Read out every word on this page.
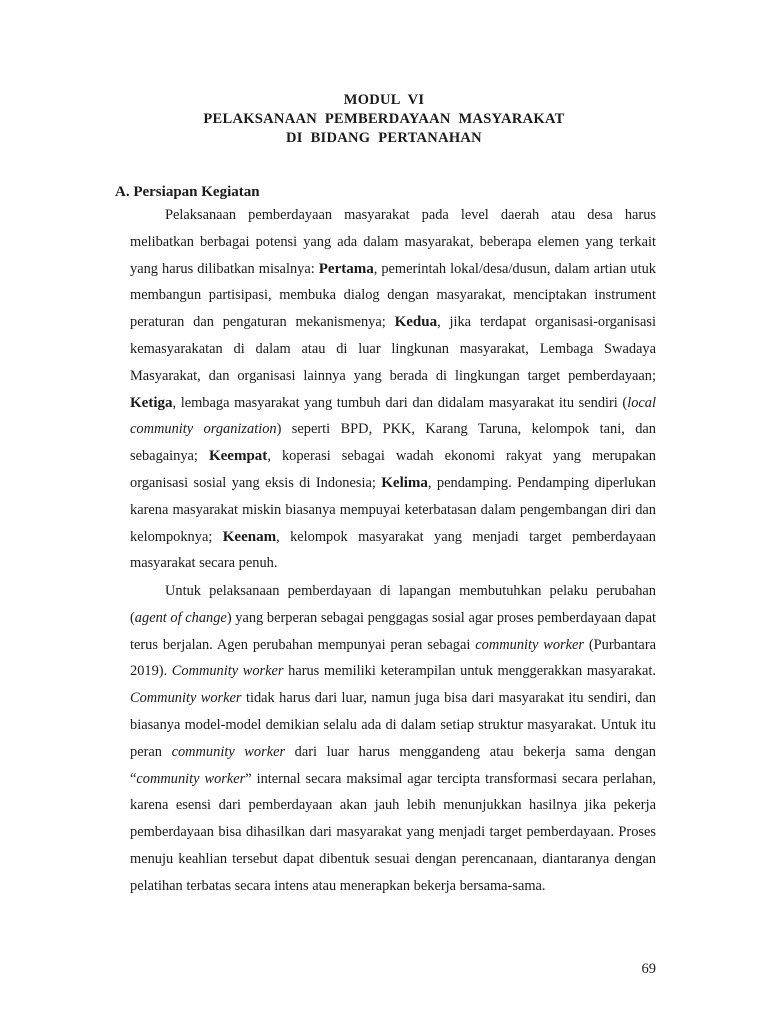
MODUL  VI
PELAKSANAAN  PEMBERDAYAAN  MASYARAKAT
DI  BIDANG  PERTANAHAN
A. Persiapan Kegiatan

Pelaksanaan pemberdayaan masyarakat pada level daerah atau desa harus melibatkan berbagai potensi yang ada dalam masyarakat, beberapa elemen yang terkait yang harus dilibatkan misalnya: Pertama, pemerintah lokal/desa/dusun, dalam artian utuk membangun partisipasi, membuka dialog dengan masyarakat, menciptakan instrument peraturan dan pengaturan mekanismenya; Kedua, jika terdapat organisasi-organisasi kemasyarakatan di dalam atau di luar lingkunan masyarakat, Lembaga Swadaya Masyarakat, dan organisasi lainnya yang berada di lingkungan target pemberdayaan; Ketiga, lembaga masyarakat yang tumbuh dari dan didalam masyarakat itu sendiri (local community organization) seperti BPD, PKK, Karang Taruna, kelompok tani, dan sebagainya; Keempat, koperasi sebagai wadah ekonomi rakyat yang merupakan organisasi sosial yang eksis di Indonesia; Kelima, pendamping. Pendamping diperlukan karena masyarakat miskin biasanya mempuyai keterbatasan dalam pengembangan diri dan kelompoknya; Keenam, kelompok masyarakat yang menjadi target pemberdayaan masyarakat secara penuh.

Untuk pelaksanaan pemberdayaan di lapangan membutuhkan pelaku perubahan (agent of change) yang berperan sebagai penggagas sosial agar proses pemberdayaan dapat terus berjalan. Agen perubahan mempunyai peran sebagai community worker (Purbantara 2019). Community worker harus memiliki keterampilan untuk menggerakkan masyarakat. Community worker tidak harus dari luar, namun juga bisa dari masyarakat itu sendiri, dan biasanya model-model demikian selalu ada di dalam setiap struktur masyarakat. Untuk itu peran community worker dari luar harus menggandeng atau bekerja sama dengan “community worker” internal secara maksimal agar tercipta transformasi secara perlahan, karena esensi dari pemberdayaan akan jauh lebih menunjukkan hasilnya jika pekerja pemberdayaan bisa dihasilkan dari masyarakat yang menjadi target pemberdayaan. Proses menuju keahlian tersebut dapat dibentuk sesuai dengan perencanaan, diantaranya dengan pelatihan terbatas secara intens atau menerapkan bekerja bersama-sama.

69
